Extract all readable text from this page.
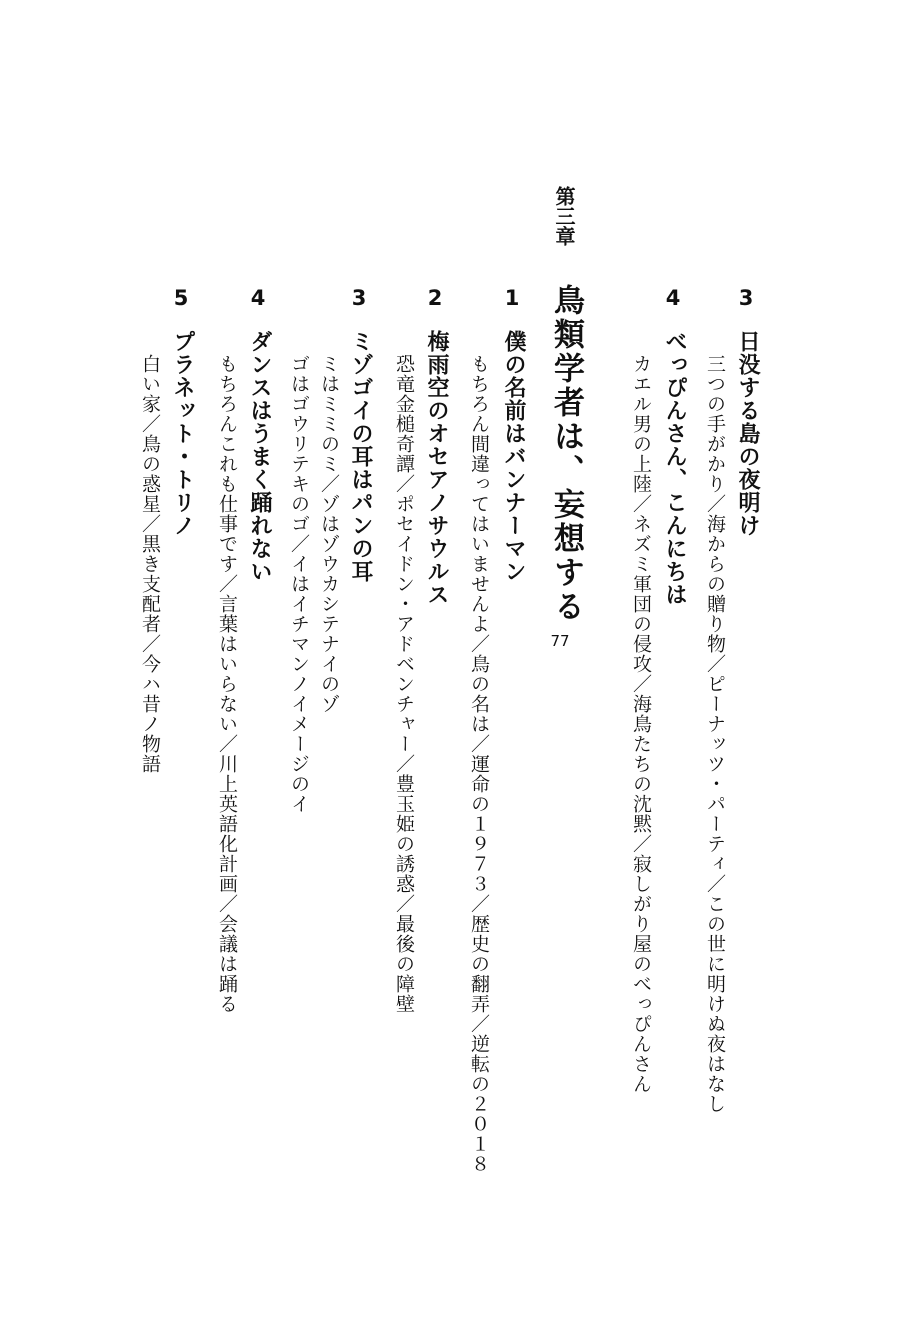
3
日没する島の夜明け
三つの手がかり／海からの贈り物／ピーナッツ・パーティ／この世に明けぬ夜はなし
4
べっぴんさん、こんにちは
カエル男の上陸／ネズミ軍団の侵攻／海鳥たちの沈黙／寂しがり屋のべっぴんさん
第三章
鳥類学者は、妄想する
77
1
僕の名前はバンナーマン
もちろん間違ってはいませんよ／鳥の名は／運命の１９７３／歴史の翻弄／逆転の２０１８
2
梅雨空のオセアノサウルス
恐竜金槌奇譚／ポセイドン・アドベンチャー／豊玉姫の誘惑／最後の障壁
3
ミゾゴイの耳はパンの耳
ミはミミのミ／ゾはゾウカシテナイのゾ
ゴはゴウリテキのゴ／イはイチマンノイメージのイ
4
ダンスはうまく踊れない
もちろんこれも仕事です／言葉はいらない／川上英語化計画／会議は踊る
5
プラネット・トリノ
白い家／鳥の惑星／黒き支配者／今ハ昔ノ物語
